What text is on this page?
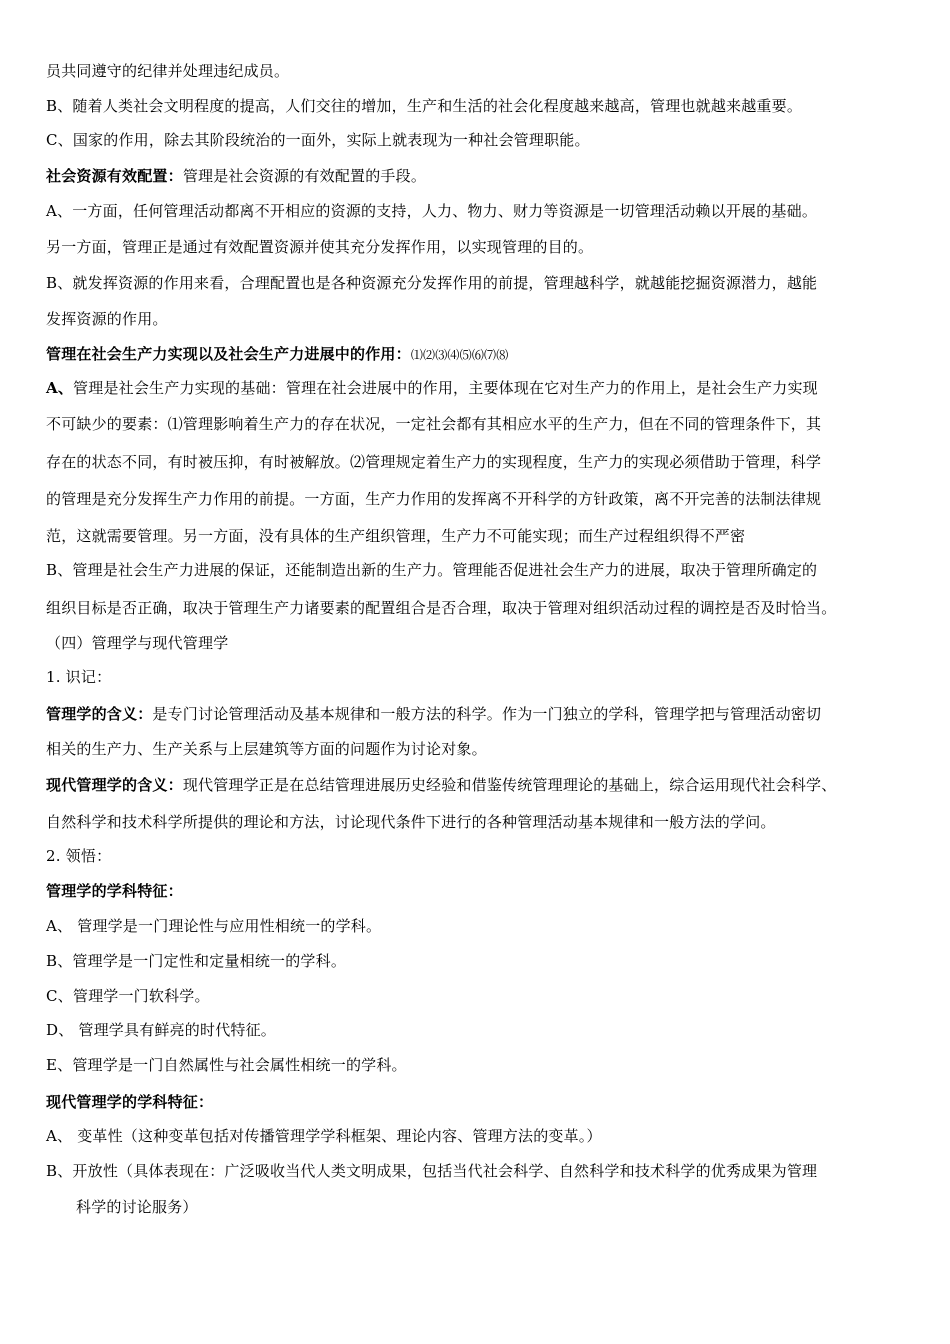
员共同遵守的纪律并处理违纪成员。
B、随着人类社会文明程度的提高，人们交往的增加，生产和生活的社会化程度越来越高，管理也就越来越重要。
C、国家的作用，除去其阶段统治的一面外，实际上就表现为一种社会管理职能。
社会资源有效配置：管理是社会资源的有效配置的手段。
A、一方面，任何管理活动都离不开相应的资源的支持，人力、物力、财力等资源是一切管理活动赖以开展的基础。
另一方面，管理正是通过有效配置资源并使其充分发挥作用，以实现管理的目的。
B、就发挥资源的作用来看，合理配置也是各种资源充分发挥作用的前提，管理越科学，就越能挖掘资源潜力，越能
发挥资源的作用。
管理在社会生产力实现以及社会生产力进展中的作用：⑴⑵⑶⑷⑸⑹⑺⑻
A、管理是社会生产力实现的基础：管理在社会进展中的作用，主要体现在它对生产力的作用上，是社会生产力实现
不可缺少的要素：⑴管理影响着生产力的存在状况，一定社会都有其相应水平的生产力，但在不同的管理条件下，其
存在的状态不同，有时被压抑，有时被解放。⑵管理规定着生产力的实现程度，生产力的实现必须借助于管理，科学
的管理是充分发挥生产力作用的前提。一方面，生产力作用的发挥离不开科学的方针政策，离不开完善的法制法律规
范，这就需要管理。另一方面，没有具体的生产组织管理，生产力不可能实现；而生产过程组织得不严密
B、管理是社会生产力进展的保证，还能制造出新的生产力。管理能否促进社会生产力的进展，取决于管理所确定的
组织目标是否正确，取决于管理生产力诸要素的配置组合是否合理，取决于管理对组织活动过程的调控是否及时恰当。
（四）管理学与现代管理学
1. 识记：
管理学的含义：是专门讨论管理活动及基本规律和一般方法的科学。作为一门独立的学科，管理学把与管理活动密切
相关的生产力、生产关系与上层建筑等方面的问题作为讨论对象。
现代管理学的含义：现代管理学正是在总结管理进展历史经验和借鉴传统管理理论的基础上，综合运用现代社会科学、
自然科学和技术科学所提供的理论和方法，讨论现代条件下进行的各种管理活动基本规律和一般方法的学问。
2. 领悟：
管理学的学科特征：
A、 管理学是一门理论性与应用性相统一的学科。
B、管理学是一门定性和定量相统一的学科。
C、管理学一门软科学。
D、 管理学具有鲜亮的时代特征。
E、管理学是一门自然属性与社会属性相统一的学科。
现代管理学的学科特征：
A、 变革性（这种变革包括对传播管理学学科框架、理论内容、管理方法的变革。）
B、开放性（具体表现在：广泛吸收当代人类文明成果，包括当代社会科学、自然科学和技术科学的优秀成果为管理
科学的讨论服务）
